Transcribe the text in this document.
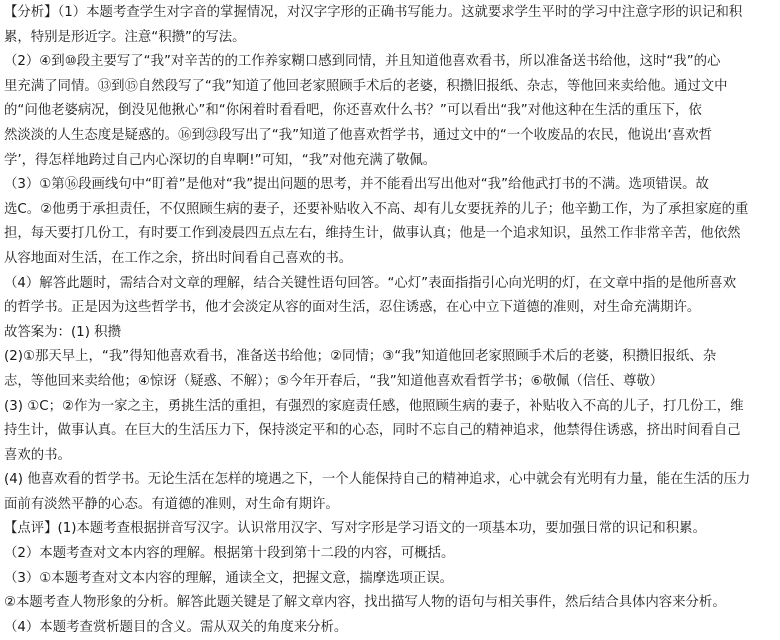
【分析】（1）本题考查学生对字音的掌握情况，对汉字字形的正确书写能力。这就要求学生平时的学习中注意字形的识记和积
累，特别是形近字。注意“积攒”的写法。
（2）④到⑩段主要写了“我”对辛苦的的工作养家糊口感到同情，并且知道他喜欢看书，所以准备送书给他，这时“我”的心
里充满了同情。⑬到⑮自然段写了“我”知道了他回老家照顾手术后的老婆，积攒旧报纸、杂志，等他回来卖给他。通过文中
的“问他老婆病况，倒没见他揪心”和“你闲着时看看吧，你还喜欢什么书？”可以看出“我”对他这种在生活的重压下，依
然淡淡的人生态度是疑惑的。⑯到㉓段写出了“我”知道了他喜欢哲学书，通过文中的“一个收废品的农民，他说出‘喜欢哲
学’，得怎样地跨过自己内心深切的自卑啊!”可知，“我”对他充满了敬佩。
（3）①第⑯段画线句中“盯着”是他对“我”提出问题的思考，并不能看出写出他对“我”给他武打书的不满。选项错误。故
选C。②他勇于承担责任，不仅照顾生病的妻子，还要补贴收入不高、却有儿女要抚养的儿子；他辛勤工作，为了承担家庭的重
担，每天要打几份工，有时要工作到凌晨四五点左右，维持生计，做事认真；他是一个追求知识，虽然工作非常辛苦，他依然
从容地面对生活，在工作之余，挤出时间看自己喜欢的书。
（4）解答此题时，需结合对文章的理解，结合关键性语句回答。“心灯”表面指指引心向光明的灯，在文章中指的是他所喜欢
的哲学书。正是因为这些哲学书，他才会淡定从容的面对生活，忍住诱惑，在心中立下道德的准则，对生命充满期许。
故答案为：(1) 积攒
(2)①那天早上，“我”得知他喜欢看书，准备送书给他；②同情；③“我”知道他回老家照顾手术后的老婆，积攒旧报纸、杂
志，等他回来卖给他；④惊讶（疑惑、不解）；⑤今年开春后，“我”知道他喜欢看哲学书；⑥敬佩（信任、尊敬）
(3) ①C；②作为一家之主，勇挑生活的重担，有强烈的家庭责任感，他照顾生病的妻子，补贴收入不高的儿子，打几份工，维
持生计，做事认真。在巨大的生活压力下，保持淡定平和的心态，同时不忘自己的精神追求，他禁得住诱惑，挤出时间看自己
喜欢的书。
(4) 他喜欢看的哲学书。无论生活在怎样的境遇之下，一个人能保持自己的精神追求，心中就会有光明有力量，能在生活的压力
面前有淡然平静的心态。有道德的准则，对生命有期许。
【点评】(1)本题考查根据拼音写汉字。认识常用汉字、写对字形是学习语文的一项基本功，要加强日常的识记和积累。
（2）本题考查对文本内容的理解。根据第十段到第十二段的内容，可概括。
（3）①本题考查对文本内容的理解，通读全文，把握文意，揣摩选项正误。
②本题考查人物形象的分析。解答此题关键是了解文章内容，找出描写人物的语句与相关事件，然后结合具体内容来分析。
（4）本题考查赏析题目的含义。需从双关的角度来分析。
